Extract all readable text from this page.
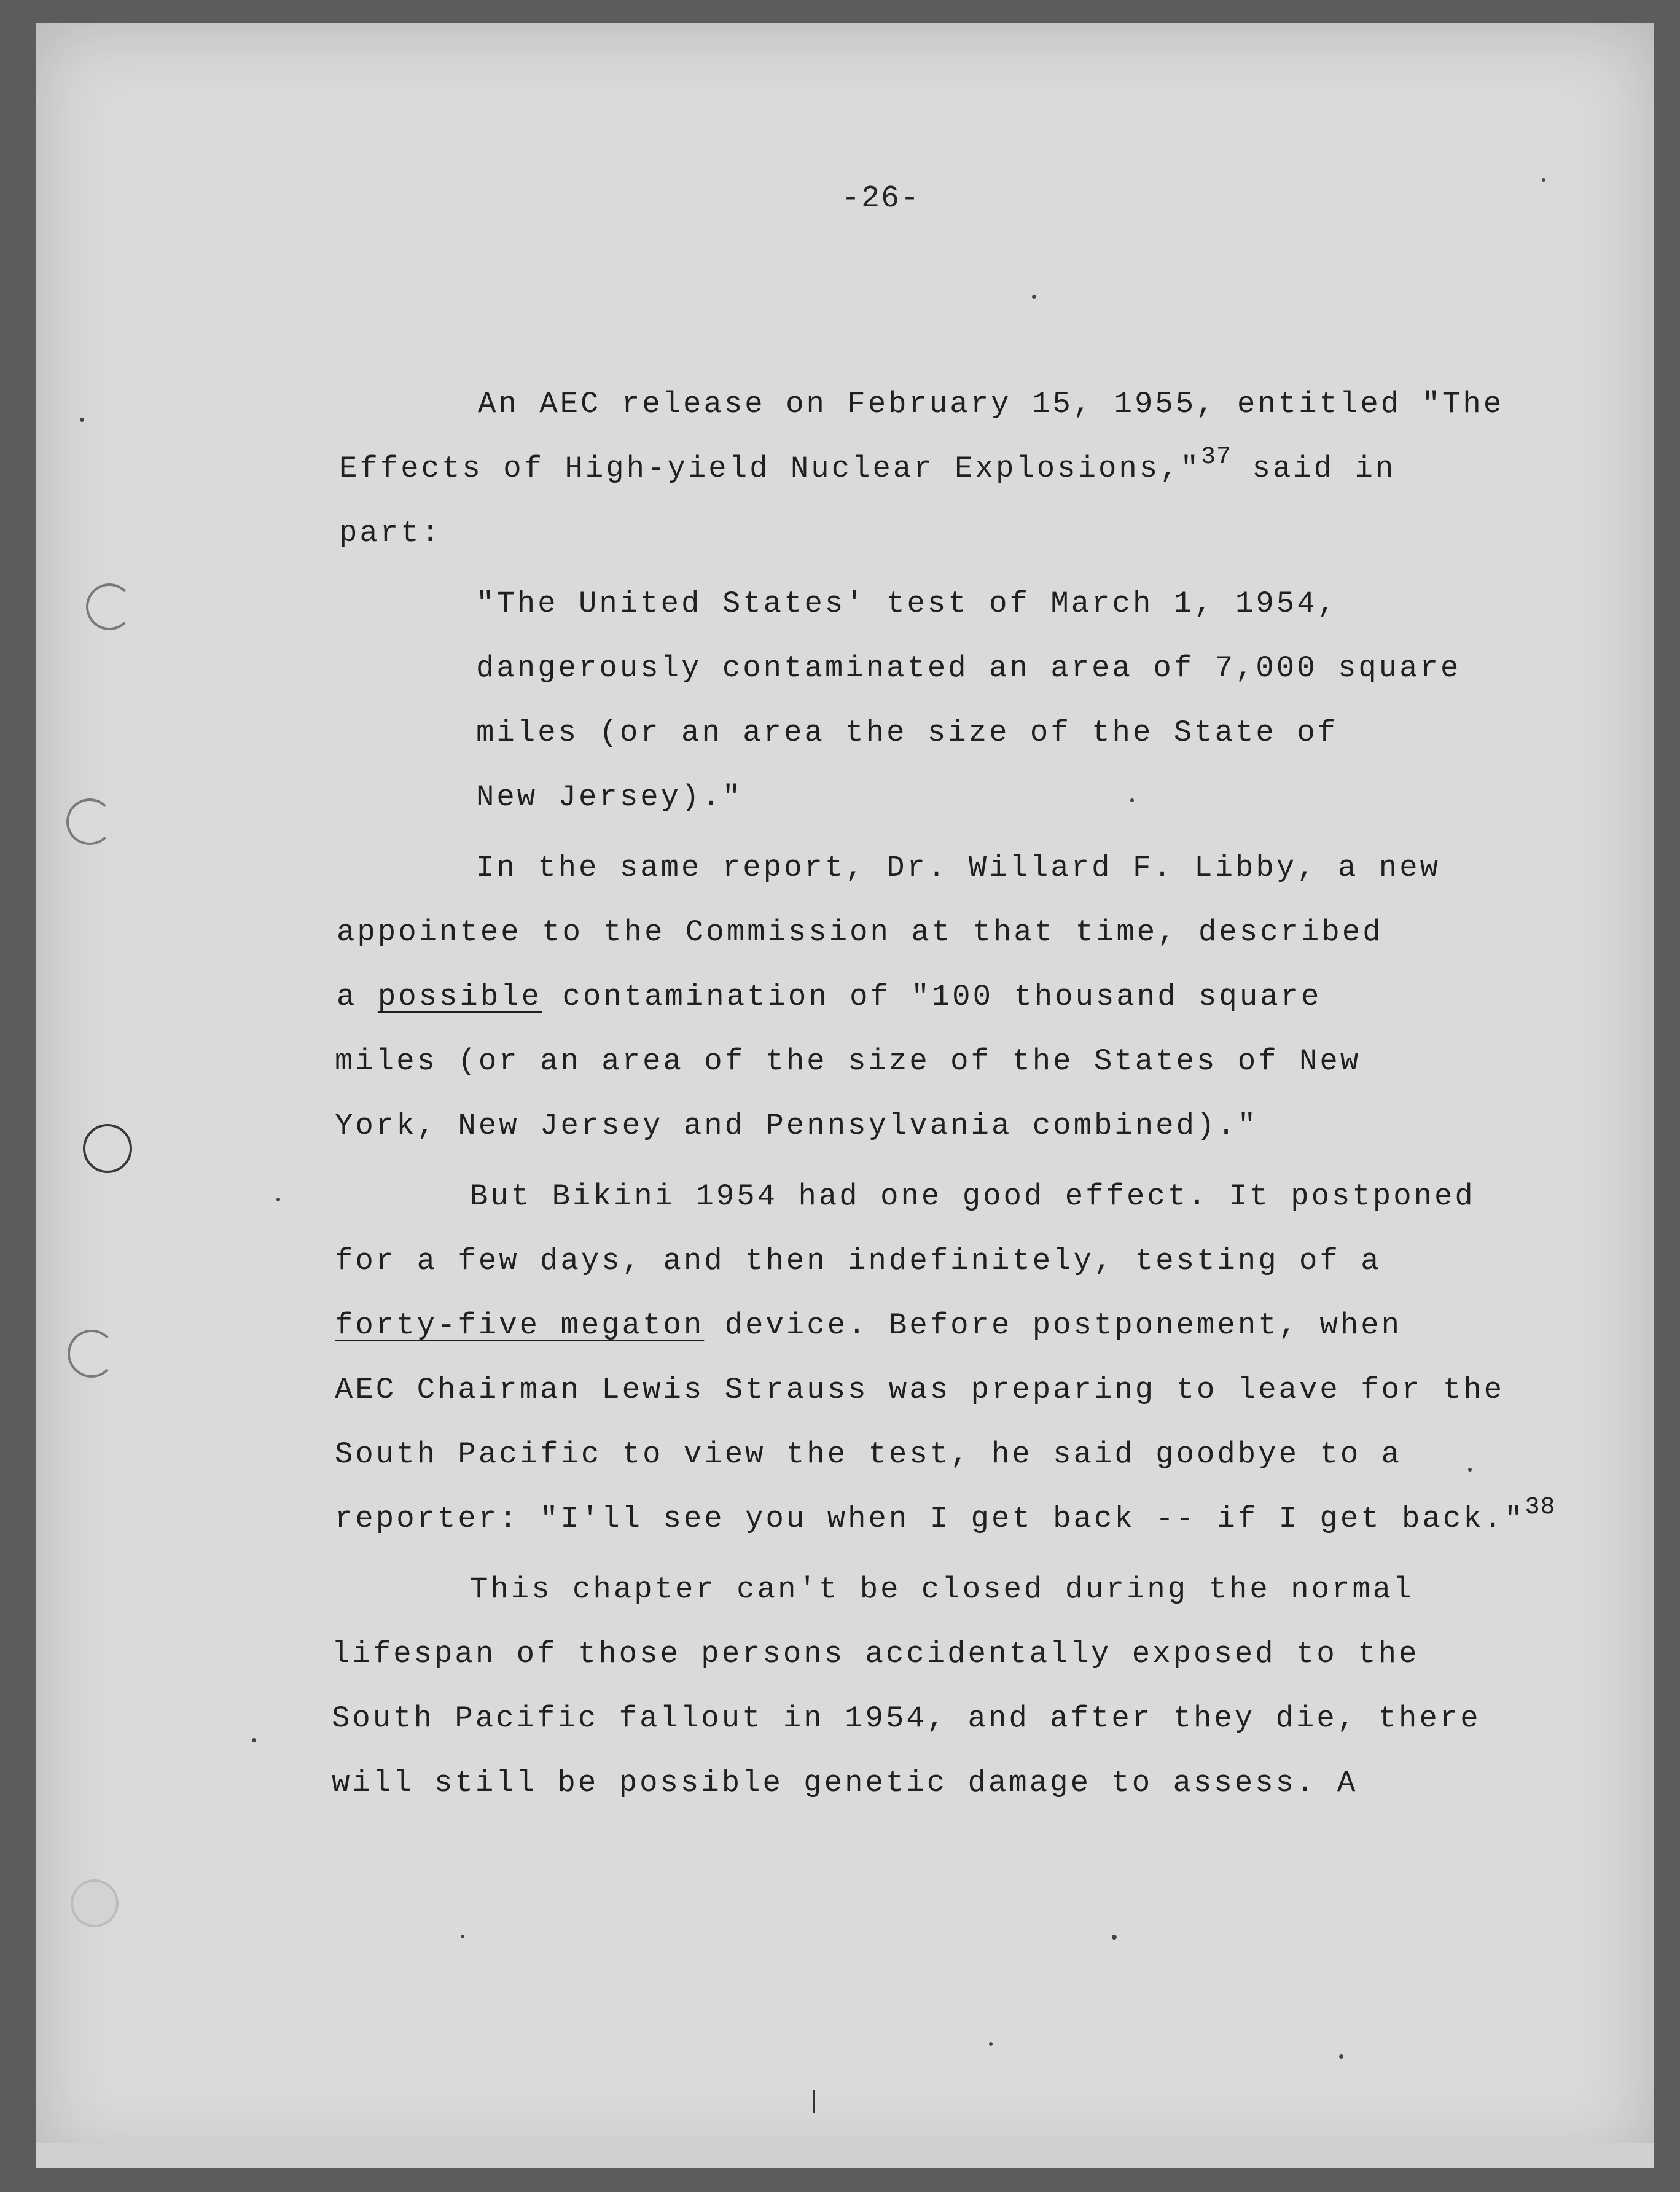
|
-26-
An AEC release on February 15, 1955, entitled "The
Effects of High-yield Nuclear Explosions,"$^{37}$ said in
part:
"The United States' test of March 1, 1954,
dangerously contaminated an area of 7,000 square
miles (or an area the size of the State of
New Jersey)."
In the same report, Dr. Willard F. Libby, a new
appointee to the Commission at that time, described
a possible contamination of "100 thousand square
miles (or an area of the size of the States of New
York, New Jersey and Pennsylvania combined)."
But Bikini 1954 had one good effect. It postponed
for a few days, and then indefinitely, testing of a
forty-five megaton device. Before postponement, when
AEC Chairman Lewis Strauss was preparing to leave for the
South Pacific to view the test, he said goodbye to a
reporter: "I'll see you when I get back -- if I get back."$^{38}$
This chapter can't be closed during the normal
lifespan of those persons accidentally exposed to the
South Pacific fallout in 1954, and after they die, there
will still be possible genetic damage to assess. A
